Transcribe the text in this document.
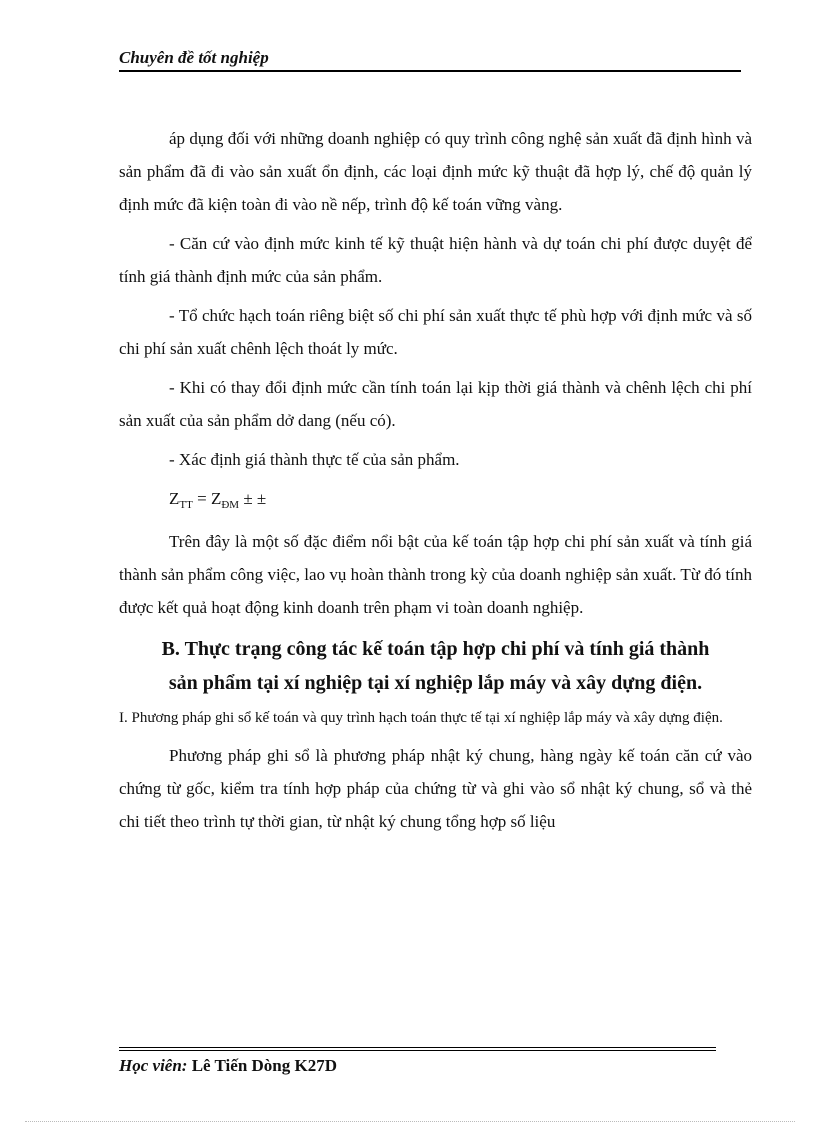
Chuyên đề tốt nghiệp

áp dụng đối với những doanh nghiệp có quy trình công nghệ sản xuất đã định hình và sản phẩm đã đi vào sản xuất ổn định, các loại định mức kỹ thuật đã hợp lý, chế độ quản lý định mức đã kiện toàn đi vào nề nếp, trình độ kế toán vững vàng.

- Căn cứ vào định mức kinh tế kỹ thuật hiện hành và dự toán chi phí được duyệt để tính giá thành định mức của sản phẩm.

- Tổ chức hạch toán riêng biệt số chi phí sản xuất thực tế phù hợp với định mức và số chi phí sản xuất chênh lệch thoát ly mức.

- Khi có thay đổi định mức cần tính toán lại kịp thời giá thành và chênh lệch chi phí sản xuất của sản phẩm dở dang (nếu có).

- Xác định giá thành thực tế của sản phẩm.

$Z_{TT} = Z_{ĐM}$ ± ±

Trên đây là một số đặc điểm nổi bật của kế toán tập hợp chi phí sản xuất và tính giá thành sản phẩm công việc, lao vụ hoàn thành trong kỳ của doanh nghiệp sản xuất. Từ đó tính được kết quả hoạt động kinh doanh trên phạm vi toàn doanh nghiệp.

B. Thực trạng công tác kế toán tập hợp chi phí và tính giá thành
sản phẩm tại xí nghiệp tại xí nghiệp lắp máy và xây dựng điện.
I. Phương pháp ghi sổ kế toán và quy trình hạch toán thực tế tại xí nghiệp lắp máy và xây dựng điện.

Phương pháp ghi sổ là phương pháp nhật ký chung, hàng ngày kế toán căn cứ vào chứng từ gốc, kiểm tra tính hợp pháp của chứng từ và ghi vào sổ nhật ký chung, sổ và thẻ chi tiết theo trình tự thời gian, từ nhật ký chung tổng hợp số liệu

Học viên: Lê Tiến Dòng K27D
